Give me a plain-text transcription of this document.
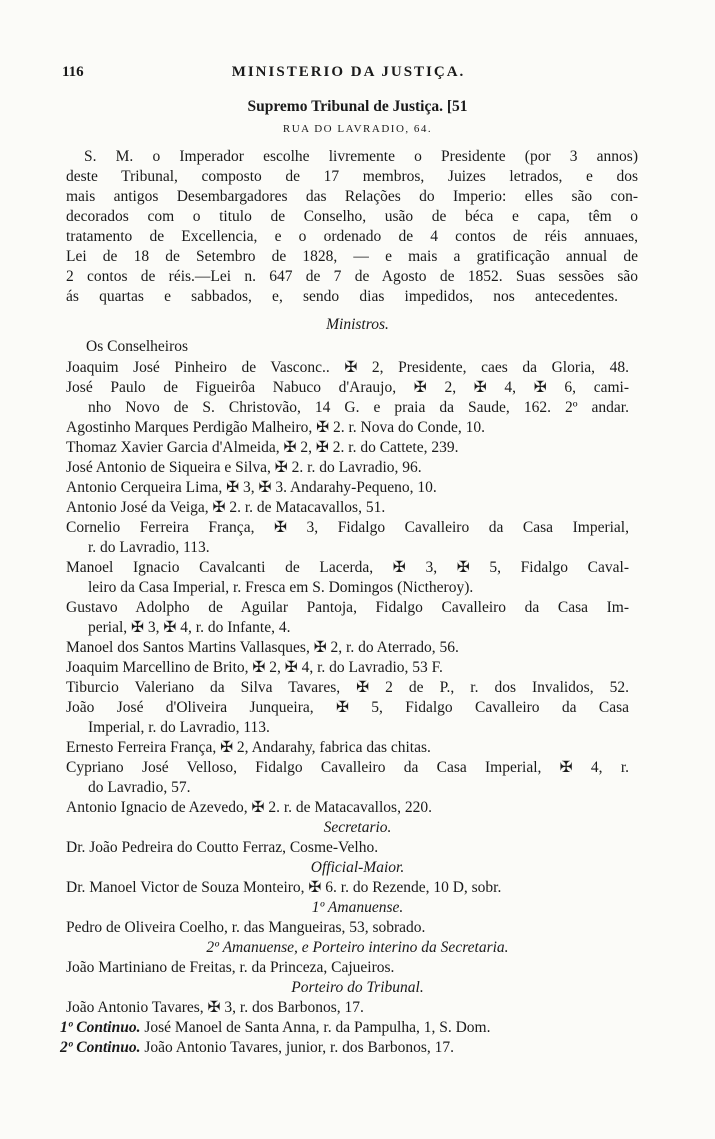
116	MINISTERIO DA JUSTIÇA.
Supremo Tribunal de Justiça. [51
RUA DO LAVRADIO, 64.
S. M. o Imperador escolhe livremente o Presidente (por 3 annos)
deste Tribunal, composto de 17 membros, Juizes letrados, e dos
mais antigos Desembargadores das Relações do Imperio: elles são con-
decorados com o titulo de Conselho, usão de béca e capa, têm o
tratamento de Excellencia, e o ordenado de 4 contos de réis annuaes,
Lei de 18 de Setembro de 1828, — e mais a gratificação annual de
2 contos de réis.—Lei n. 647 de 7 de Agosto de 1852. Suas sessões são
ás quartas e sabbados, e, sendo dias impedidos, nos antecedentes.
Ministros.
Os Conselheiros
Joaquim José Pinheiro de Vasconc.. ✠ 2, Presidente, caes da Gloria, 48.
José Paulo de Figueirôa Nabuco d'Araujo, ✠ 2, ✠ 4, ✠ 6, cami-
nho Novo de S. Christovão, 14 G. e praia da Saude, 162. 2º andar.
Agostinho Marques Perdigão Malheiro, ✠ 2. r. Nova do Conde, 10.
Thomaz Xavier Garcia d'Almeida, ✠ 2, ✠ 2. r. do Cattete, 239.
José Antonio de Siqueira e Silva, ✠ 2. r. do Lavradio, 96.
Antonio Cerqueira Lima, ✠ 3, ✠ 3. Andarahy-Pequeno, 10.
Antonio José da Veiga, ✠ 2. r. de Matacavallos, 51.
Cornelio Ferreira França, ✠ 3, Fidalgo Cavalleiro da Casa Imperial,
r. do Lavradio, 113.
Manoel Ignacio Cavalcanti de Lacerda, ✠ 3, ✠ 5, Fidalgo Caval-
leiro da Casa Imperial, r. Fresca em S. Domingos (Nictheroy).
Gustavo Adolpho de Aguilar Pantoja, Fidalgo Cavalleiro da Casa Im-
perial, ✠ 3, ✠ 4, r. do Infante, 4.
Manoel dos Santos Martins Vallasques, ✠ 2, r. do Aterrado, 56.
Joaquim Marcellino de Brito, ✠ 2, ✠ 4, r. do Lavradio, 53 F.
Tiburcio Valeriano da Silva Tavares, ✠ 2 de P., r. dos Invalidos, 52.
João José d'Oliveira Junqueira, ✠ 5, Fidalgo Cavalleiro da Casa
Imperial, r. do Lavradio, 113.
Ernesto Ferreira França, ✠ 2, Andarahy, fabrica das chitas.
Cypriano José Velloso, Fidalgo Cavalleiro da Casa Imperial, ✠ 4, r.
do Lavradio, 57.
Antonio Ignacio de Azevedo, ✠ 2. r. de Matacavallos, 220.
Secretario.
Dr. João Pedreira do Coutto Ferraz, Cosme-Velho.
Official-Maior.
Dr. Manoel Victor de Souza Monteiro, ✠ 6. r. do Rezende, 10 D, sobr.
1º Amanuense.
Pedro de Oliveira Coelho, r. das Mangueiras, 53, sobrado.
2º Amanuense, e Porteiro interino da Secretaria.
João Martiniano de Freitas, r. da Princeza, Cajueiros.
Porteiro do Tribunal.
João Antonio Tavares, ✠ 3, r. dos Barbonos, 17.
1º Continuo. José Manoel de Santa Anna, r. da Pampulha, 1, S. Dom.
2º Continuo. João Antonio Tavares, junior, r. dos Barbonos, 17.
